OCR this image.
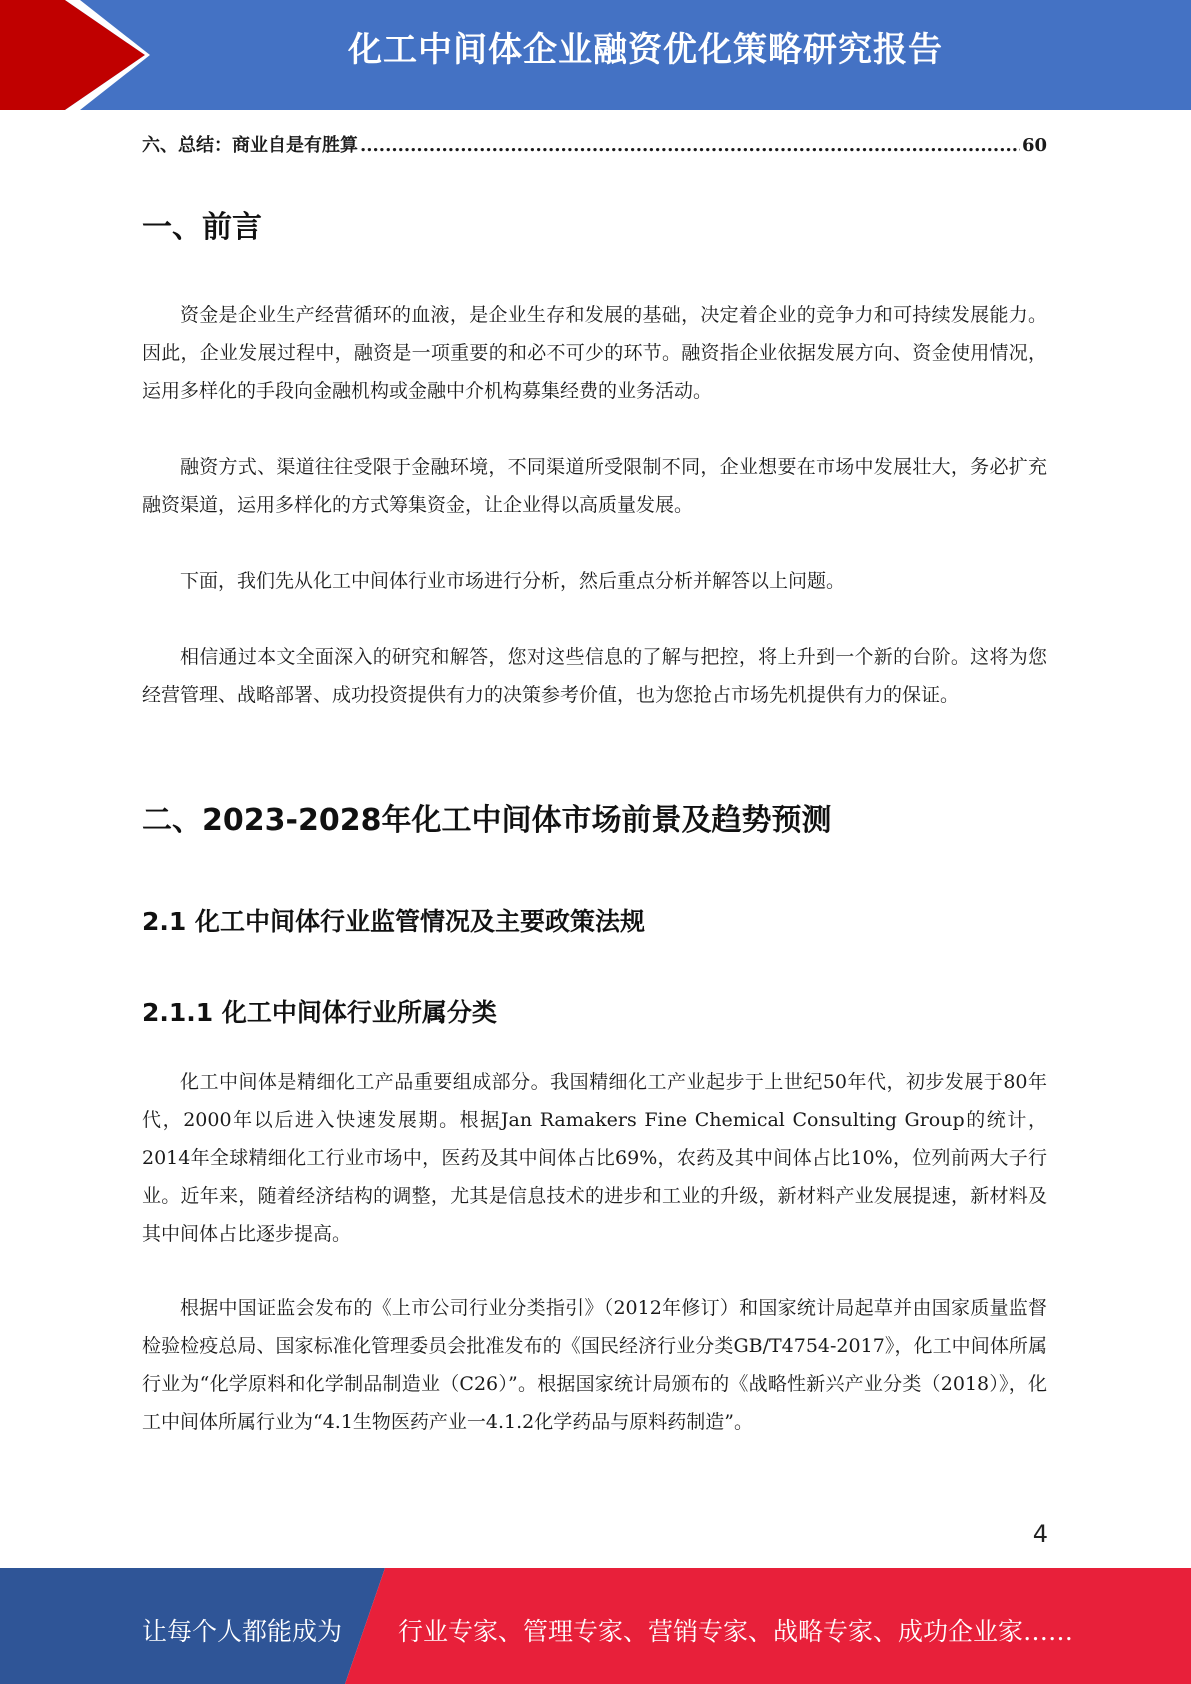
化工中间体企业融资优化策略研究报告
六、总结：商业自是有胜算
.....	60
一、前言

资金是企业生产经营循环的血液，是企业生存和发展的基础，决定着企业的竞争力和可持续发展能力。因此，企业发展过程中，融资是一项重要的和必不可少的环节。融资指企业依据发展方向、资金使用情况，运用多样化的手段向金融机构或金融中介机构募集经费的业务活动。

融资方式、渠道往往受限于金融环境，不同渠道所受限制不同，企业想要在市场中发展壮大，务必扩充融资渠道，运用多样化的方式筹集资金，让企业得以高质量发展。

下面，我们先从化工中间体行业市场进行分析，然后重点分析并解答以上问题。

相信通过本文全面深入的研究和解答，您对这些信息的了解与把控，将上升到一个新的台阶。这将为您经营管理、战略部署、成功投资提供有力的决策参考价值，也为您抢占市场先机提供有力的保证。

二、2023-2028年化工中间体市场前景及趋势预测
2.1 化工中间体行业监管情况及主要政策法规
2.1.1 化工中间体行业所属分类

化工中间体是精细化工产品重要组成部分。我国精细化工产业起步于上世纪50年代，初步发展于80年代，2000年以后进入快速发展期。根据Jan Ramakers Fine Chemical Consulting Group的统计，2014年全球精细化工行业市场中，医药及其中间体占比69%，农药及其中间体占比10%，位列前两大子行业。近年来，随着经济结构的调整，尤其是信息技术的进步和工业的升级，新材料产业发展提速，新材料及其中间体占比逐步提高。

根据中国证监会发布的《上市公司行业分类指引》（2012年修订）和国家统计局起草并由国家质量监督检验检疫总局、国家标准化管理委员会批准发布的《国民经济行业分类GB/T4754-2017》，化工中间体所属行业为“化学原料和化学制品制造业（C26）”。根据国家统计局颁布的《战略性新兴产业分类（2018）》，化工中间体所属行业为“4.1生物医药产业一4.1.2化学药品与原料药制造”。

4
让每个人都能成为 行业专家、管理专家、营销专家、战略专家、成功企业家……
